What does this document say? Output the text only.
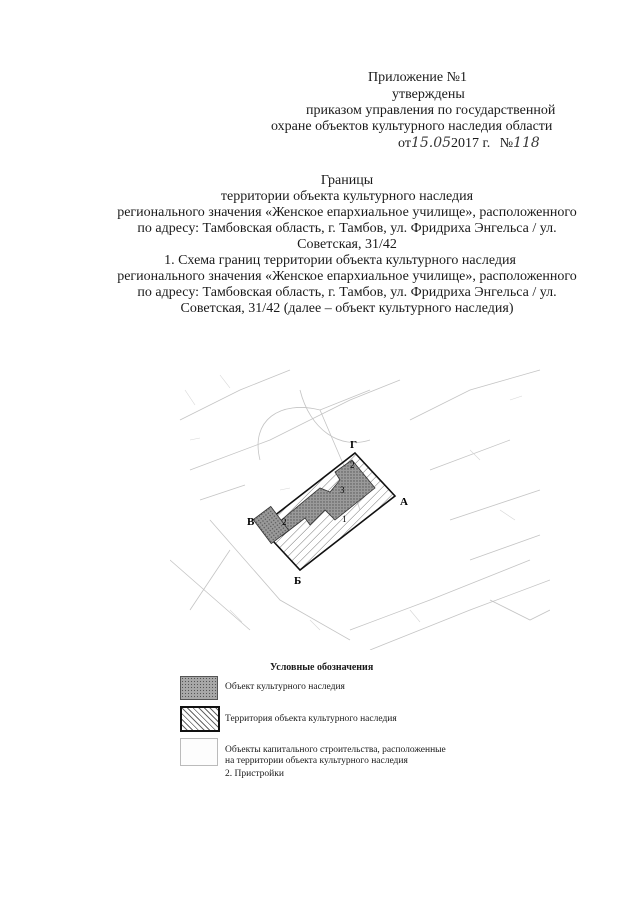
Приложение №1
утверждены
приказом управления по государственной
охране объектов культурного наследия области
от15.052017 г. №118
Границы
территории объекта культурного наследия
регионального значения «Женское епархиальное училище», расположенного
по адресу: Тамбовская область, г. Тамбов, ул. Фридриха Энгельса / ул.
Советская, 31/42
1. Схема границ территории объекта культурного наследия
регионального значения «Женское епархиальное училище», расположенного
по адресу: Тамбовская область, г. Тамбов, ул. Фридриха Энгельса / ул.
Советская, 31/42 (далее – объект культурного наследия)
А
Б
В
Г
1
2
2
3
Условные обозначения
Объект культурного наследия
Территория объекта культурного наследия
Объекты капитального строительства, расположенные
на территории объекта культурного наследия
2. Пристройки
